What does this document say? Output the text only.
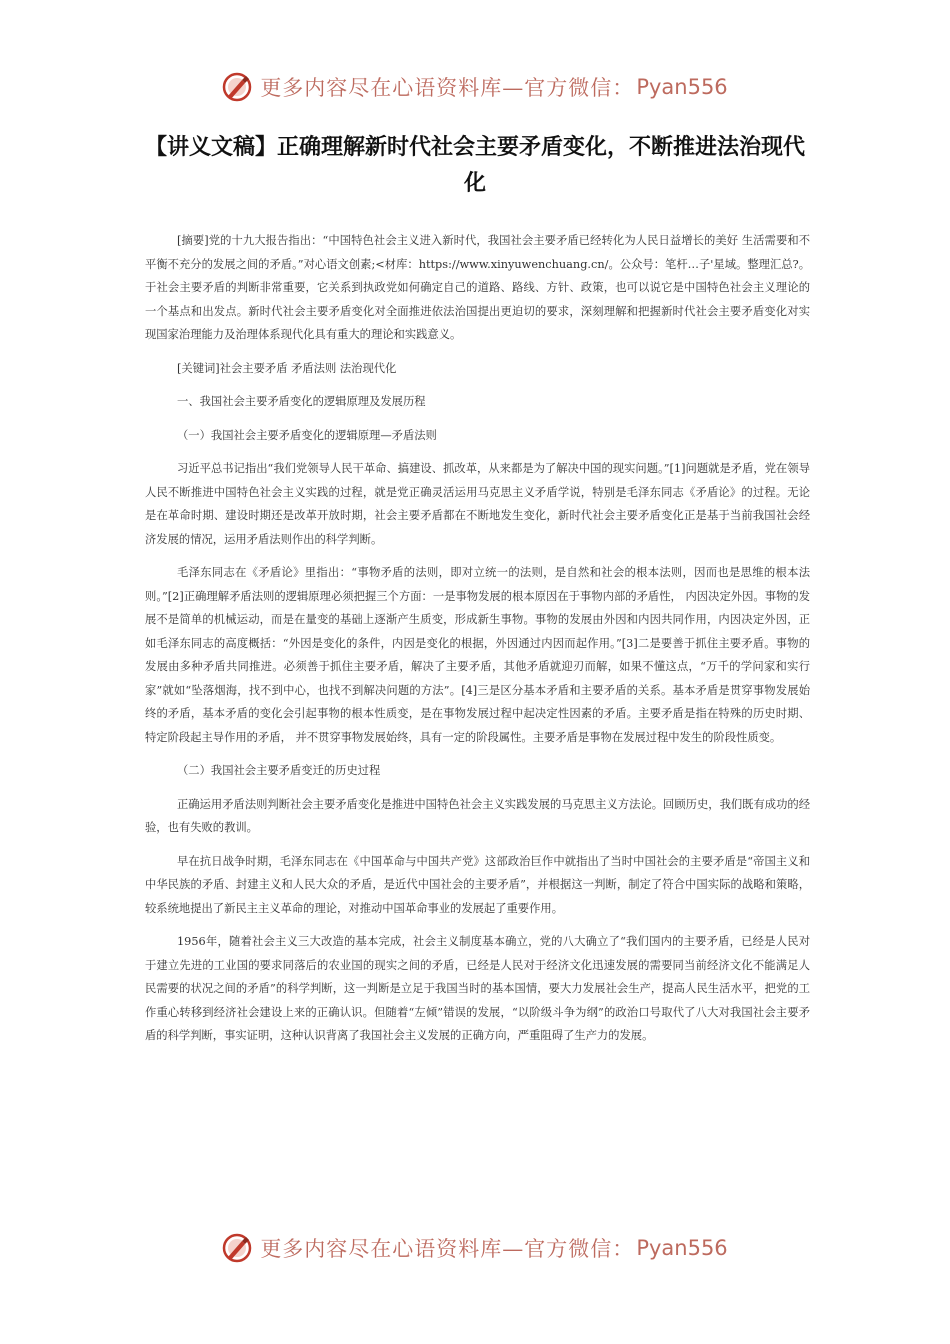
更多内容尽在心语资料库—官方微信： Pyan556
【讲义文稿】正确理解新时代社会主要矛盾变化，不断推进法治现代化

[摘要]党的十九大报告指出：“中国特色社会主义进入新时代，我国社会主要矛盾已经转化为人民日益增长的美好 生活需要和不平衡不充分的发展之间的矛盾。”对心语文创素;<材库：https://www.xinyuwenchuang.cn/。公众号：笔杆…子'星域。整理汇总?。于社会主要矛盾的判断非常重要，它关系到执政党如何确定自己的道路、路线、方针、政策，也可以说它是中国特色社会主义理论的一个基点和出发点。新时代社会主要矛盾变化对全面推进依法治国提出更迫切的要求，深刻理解和把握新时代社会主要矛盾变化对实现国家治理能力及治理体系现代化具有重大的理论和实践意义。

[关键词]社会主要矛盾 矛盾法则 法治现代化

一、我国社会主要矛盾变化的逻辑原理及发展历程

（一）我国社会主要矛盾变化的逻辑原理—矛盾法则

习近平总书记指出“我们党领导人民干革命、搞建设、抓改革，从来都是为了解决中国的现实问题。”[1]问题就是矛盾，党在领导人民不断推进中国特色社会主义实践的过程，就是党正确灵活运用马克思主义矛盾学说，特别是毛泽东同志《矛盾论》的过程。无论是在革命时期、建设时期还是改革开放时期，社会主要矛盾都在不断地发生变化，新时代社会主要矛盾变化正是基于当前我国社会经济发展的情况，运用矛盾法则作出的科学判断。

毛泽东同志在《矛盾论》里指出：“事物矛盾的法则，即对立统一的法则，是自然和社会的根本法则，因而也是思维的根本法则。”[2]正确理解矛盾法则的逻辑原理必须把握三个方面：一是事物发展的根本原因在于事物内部的矛盾性， 内因决定外因。事物的发展不是简单的机械运动，而是在量变的基础上逐渐产生质变，形成新生事物。事物的发展由外因和内因共同作用，内因决定外因，正如毛泽东同志的高度概括：“外因是变化的条件，内因是变化的根据，外因通过内因而起作用。”[3]二是要善于抓住主要矛盾。事物的发展由多种矛盾共同推进。必须善于抓住主要矛盾，解决了主要矛盾，其他矛盾就迎刃而解，如果不懂这点，“万千的学问家和实行家”就如“坠落烟海，找不到中心，也找不到解决问题的方法”。[4]三是区分基本矛盾和主要矛盾的关系。基本矛盾是贯穿事物发展始终的矛盾，基本矛盾的变化会引起事物的根本性质变，是在事物发展过程中起决定性因素的矛盾。主要矛盾是指在特殊的历史时期、特定阶段起主导作用的矛盾， 并不贯穿事物发展始终，具有一定的阶段属性。主要矛盾是事物在发展过程中发生的阶段性质变。

（二）我国社会主要矛盾变迁的历史过程

正确运用矛盾法则判断社会主要矛盾变化是推进中国特色社会主义实践发展的马克思主义方法论。回顾历史，我们既有成功的经验，也有失败的教训。

早在抗日战争时期，毛泽东同志在《中国革命与中国共产党》这部政治巨作中就指出了当时中国社会的主要矛盾是“帝国主义和中华民族的矛盾、封建主义和人民大众的矛盾，是近代中国社会的主要矛盾”，并根据这一判断，制定了符合中国实际的战略和策略，较系统地提出了新民主主义革命的理论，对推动中国革命事业的发展起了重要作用。

1956年，随着社会主义三大改造的基本完成，社会主义制度基本确立，党的八大确立了“我们国内的主要矛盾，已经是人民对于建立先进的工业国的要求同落后的农业国的现实之间的矛盾，已经是人民对于经济文化迅速发展的需要同当前经济文化不能满足人民需要的状况之间的矛盾”的科学判断，这一判断是立足于我国当时的基本国情，要大力发展社会生产，提高人民生活水平，把党的工作重心转移到经济社会建设上来的正确认识。但随着“左倾”错误的发展，“以阶级斗争为纲”的政治口号取代了八大对我国社会主要矛盾的科学判断，事实证明，这种认识背离了我国社会主义发展的正确方向，严重阻碍了生产力的发展。

更多内容尽在心语资料库—官方微信： Pyan556
